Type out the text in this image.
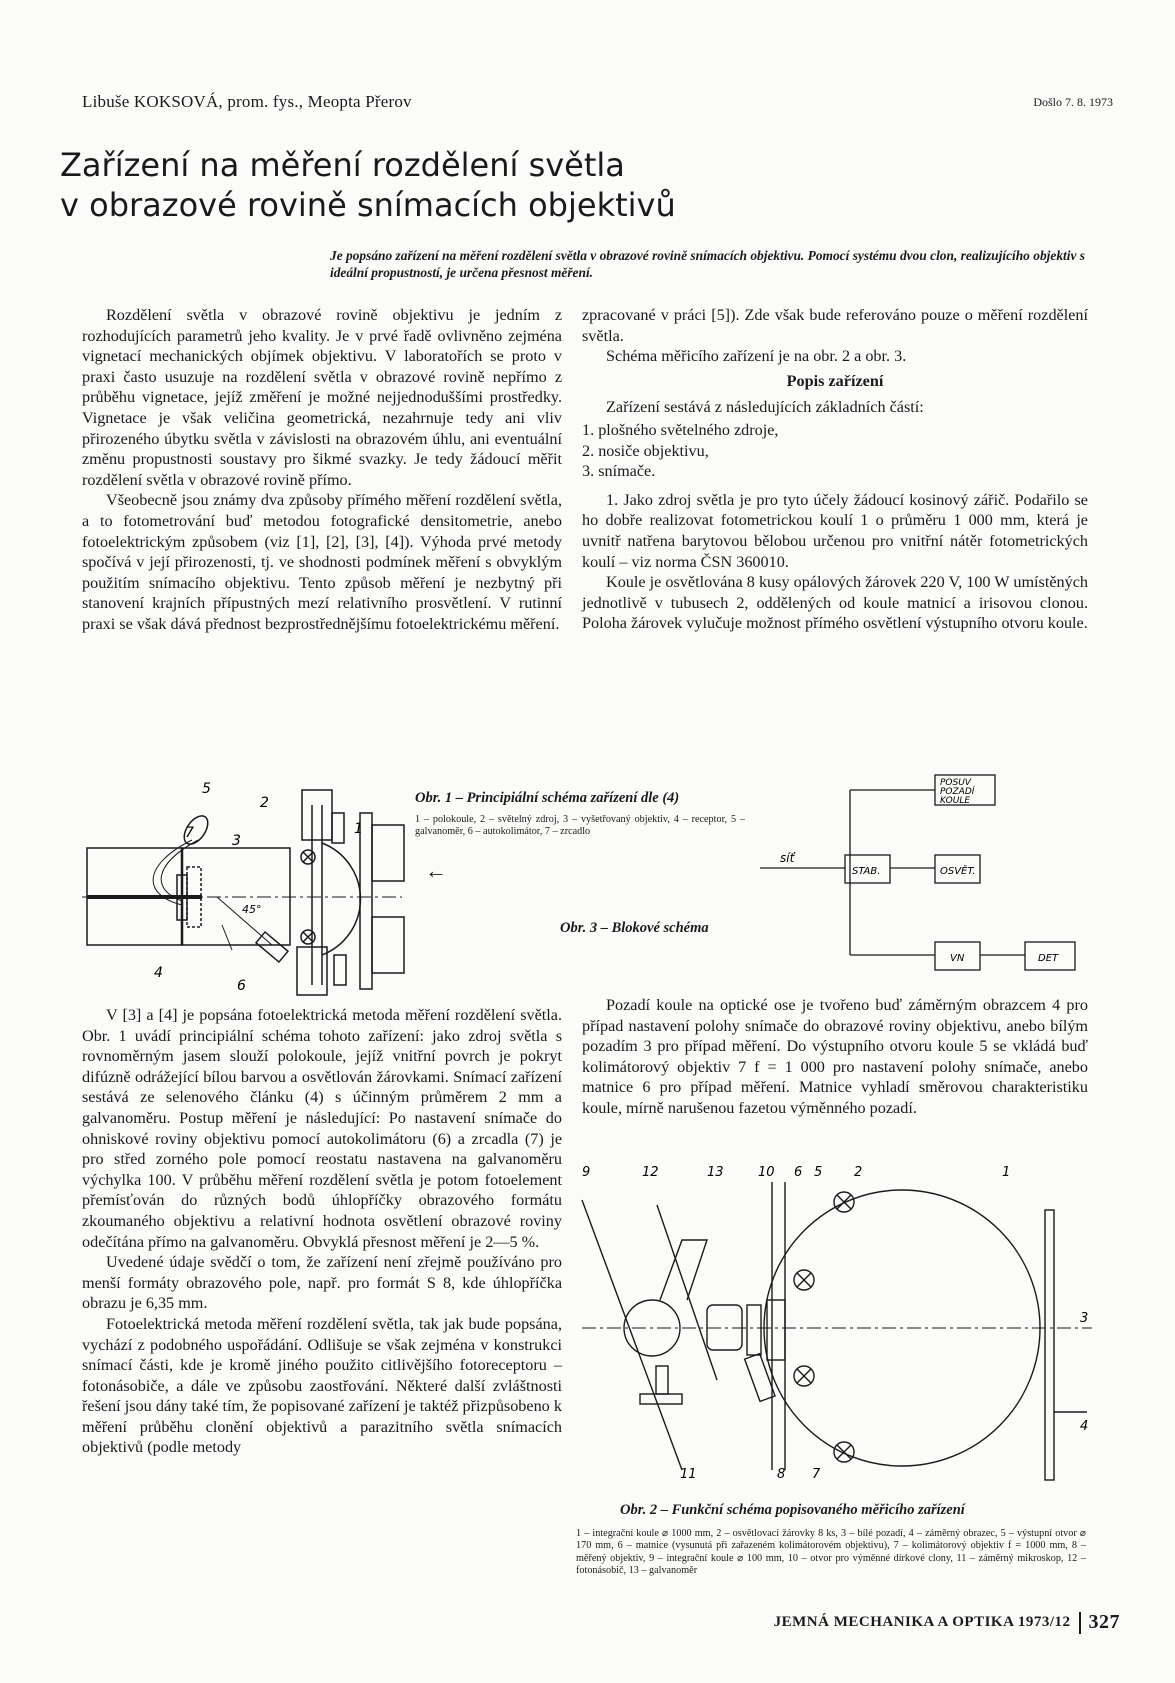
Libuše KOKSOVÁ, prom. fys., Meopta Přerov	Došlo 7. 8. 1973
Zařízení na měření rozdělení světla
v obrazové rovině snímacích objektivů

Je popsáno zařízení na měření rozdělení světla v obrazové rovině snímacích objektivu. Pomocí systému dvou clon, realizujícího objektiv s ideální propustností, je určena přesnost měření.

Rozdělení světla v obrazové rovině objektivu je jedním z rozhodujících parametrů jeho kvality. Je v prvé řadě ovlivněno zejména vignetací mechanických objímek objektivu. V laboratořích se proto v praxi často usuzuje na rozdělení světla v obrazové rovině nepřímo z průběhu vignetace, jejíž změření je možné nejjednoduššími prostředky. Vignetace je však veličina geometrická, nezahrnuje tedy ani vliv přirozeného úbytku světla v závislosti na obrazovém úhlu, ani eventuální změnu propustnosti soustavy pro šikmé svazky. Je tedy žádoucí měřit rozdělení světla v obrazové rovině přímo.

Všeobecně jsou známy dva způsoby přímého měření rozdělení světla, a to fotometrování buď metodou fotografické densitometrie, anebo fotoelektrickým způsobem (viz [1], [2], [3], [4]). Výhoda prvé metody spočívá v její přirozenosti, tj. ve shodnosti podmínek měření s obvyklým použitím snímacího objektivu. Tento způsob měření je nezbytný při stanovení krajních přípustných mezí relativního prosvětlení. V rutinní praxi se však dává přednost bezprostřednějšímu fotoelektrickému měření.

zpracované v práci [5]). Zde však bude referováno pouze o měření rozdělení světla.

Schéma měřicího zařízení je na obr. 2 a obr. 3.

Popis zařízení

Zařízení sestává z následujících základních částí:

1. plošného světelného zdroje,
2. nosiče objektivu,
3. snímače.

1. Jako zdroj světla je pro tyto účely žádoucí kosinový zářič. Podařilo se ho dobře realizovat fotometrickou koulí 1 o průměru 1 000 mm, která je uvnitř natřena barytovou bělobou určenou pro vnitřní nátěr fotometrických koulí – viz norma ČSN 360010.

Koule je osvětlována 8 kusy opálových žárovek 220 V, 100 W umístěných jednotlivě v tubusech 2, oddělených od koule matnicí a irisovou clonou. Poloha žárovek vylučuje možnost přímého osvětlení výstupního otvoru koule.

5
2
1
7	3
45°
4
6
Obr. 1 – Principiální schéma zařízení dle (4)
1 – polokoule, 2 – světelný zdroj, 3 – vyšetřovaný objektiv, 4 – receptor, 5 – galvanoměr, 6 – autokolimátor, 7 – zrcadlo
←
POSUV
POZADÍ
KOULE
síť
STAB.	OSVĚT.
VN	DET
Obr. 3 – Blokové schéma

V [3] a [4] je popsána fotoelektrická metoda měření rozdělení světla. Obr. 1 uvádí principiální schéma tohoto zařízení: jako zdroj světla s rovnoměrným jasem slouží polokoule, jejíž vnitřní povrch je pokryt difúzně odrážející bílou barvou a osvětlován žárovkami. Snímací zařízení sestává ze selenového článku (4) s účinným průměrem 2 mm a galvanoměru. Postup měření je následující: Po nastavení snímače do ohniskové roviny objektivu pomocí autokolimátoru (6) a zrcadla (7) je pro střed zorného pole pomocí reostatu nastavena na galvanoměru výchylka 100. V průběhu měření rozdělení světla je potom fotoelement přemísťován do různých bodů úhlopříčky obrazového formátu zkoumaného objektivu a relativní hodnota osvětlení obrazové roviny odečítána přímo na galvanoměru. Obvyklá přesnost měření je 2—5 %.

Uvedené údaje svědčí o tom, že zařízení není zřejmě používáno pro menší formáty obrazového pole, např. pro formát S 8, kde úhlopříčka obrazu je 6,35 mm.

Fotoelektrická metoda měření rozdělení světla, tak jak bude popsána, vychází z podobného uspořádání. Odlišuje se však zejména v konstrukci snímací části, kde je kromě jiného použito citlivějšího fotoreceptoru – fotonásobiče, a dále ve způsobu zaostřování. Některé další zvláštnosti řešení jsou dány také tím, že popisované zařízení je taktéž přizpůsobeno k měření průběhu clonění objektivů a parazitního světla snímacích objektivů (podle metody

Pozadí koule na optické ose je tvořeno buď záměrným obrazcem 4 pro případ nastavení polohy snímače do obrazové roviny objektivu, anebo bílým pozadím 3 pro případ měření. Do výstupního otvoru koule 5 se vkládá buď kolimátorový objektiv 7 f = 1 000 pro nastavení polohy snímače, anebo matnice 6 pro případ měření. Matnice vyhladí směrovou charakteristiku koule, mírně narušenou fazetou výměnného pozadí.

9	12	13	10 6 5 2	1
3
4
11	8 7
Obr. 2 – Funkční schéma popisovaného měřicího zařízení
1 – integrační koule ⌀ 1000 mm, 2 – osvětlovací žárovky 8 ks, 3 – bílé pozadí, 4 – záměrný obrazec, 5 – výstupní otvor ⌀ 170 mm, 6 – matnice (vysunutá při zařazeném kolimátorovém objektivu), 7 – kolimátorový objektiv f = 1000 mm, 8 – měřený objektiv, 9 – integrační koule ⌀ 100 mm, 10 – otvor pro výměnné dírkové clony, 11 – záměrný mikroskop, 12 – fotonásobič, 13 – galvanoměr
JEMNÁ MECHANIKA A OPTIKA 1973/12 327
